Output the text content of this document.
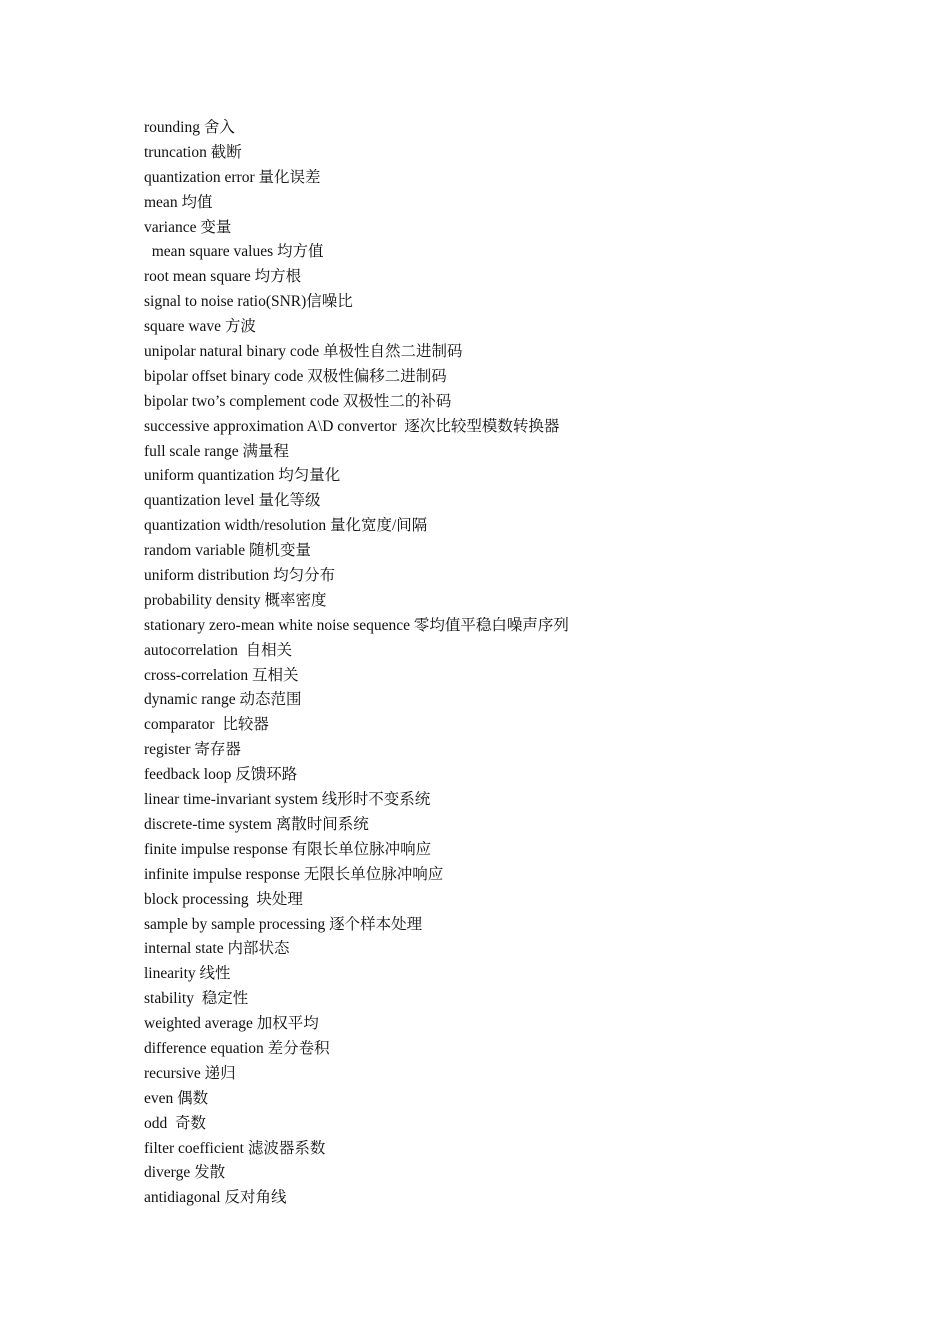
rounding 舍入
truncation 截断
quantization error 量化误差
mean 均值
variance 变量
mean square values 均方值
root mean square 均方根
signal to noise ratio(SNR)信噪比
square wave 方波
unipolar natural binary code 单极性自然二进制码
bipolar offset binary code 双极性偏移二进制码
bipolar two’s complement code 双极性二的补码
successive approximation A\D convertor  逐次比较型模数转换器
full scale range 满量程
uniform quantization 均匀量化
quantization level 量化等级
quantization width/resolution 量化宽度/间隔
random variable 随机变量
uniform distribution 均匀分布
probability density 概率密度
stationary zero-mean white noise sequence 零均值平稳白噪声序列
autocorrelation  自相关
cross-correlation 互相关
dynamic range 动态范围
comparator  比较器
register 寄存器
feedback loop 反馈环路
linear time-invariant system 线形时不变系统
discrete-time system 离散时间系统
finite impulse response 有限长单位脉冲响应
infinite impulse response 无限长单位脉冲响应
block processing  块处理
sample by sample processing 逐个样本处理
internal state 内部状态
linearity 线性
stability  稳定性
weighted average 加权平均
difference equation 差分卷积
recursive 递归
even 偶数
odd  奇数
filter coefficient 滤波器系数
diverge 发散
antidiagonal 反对角线
